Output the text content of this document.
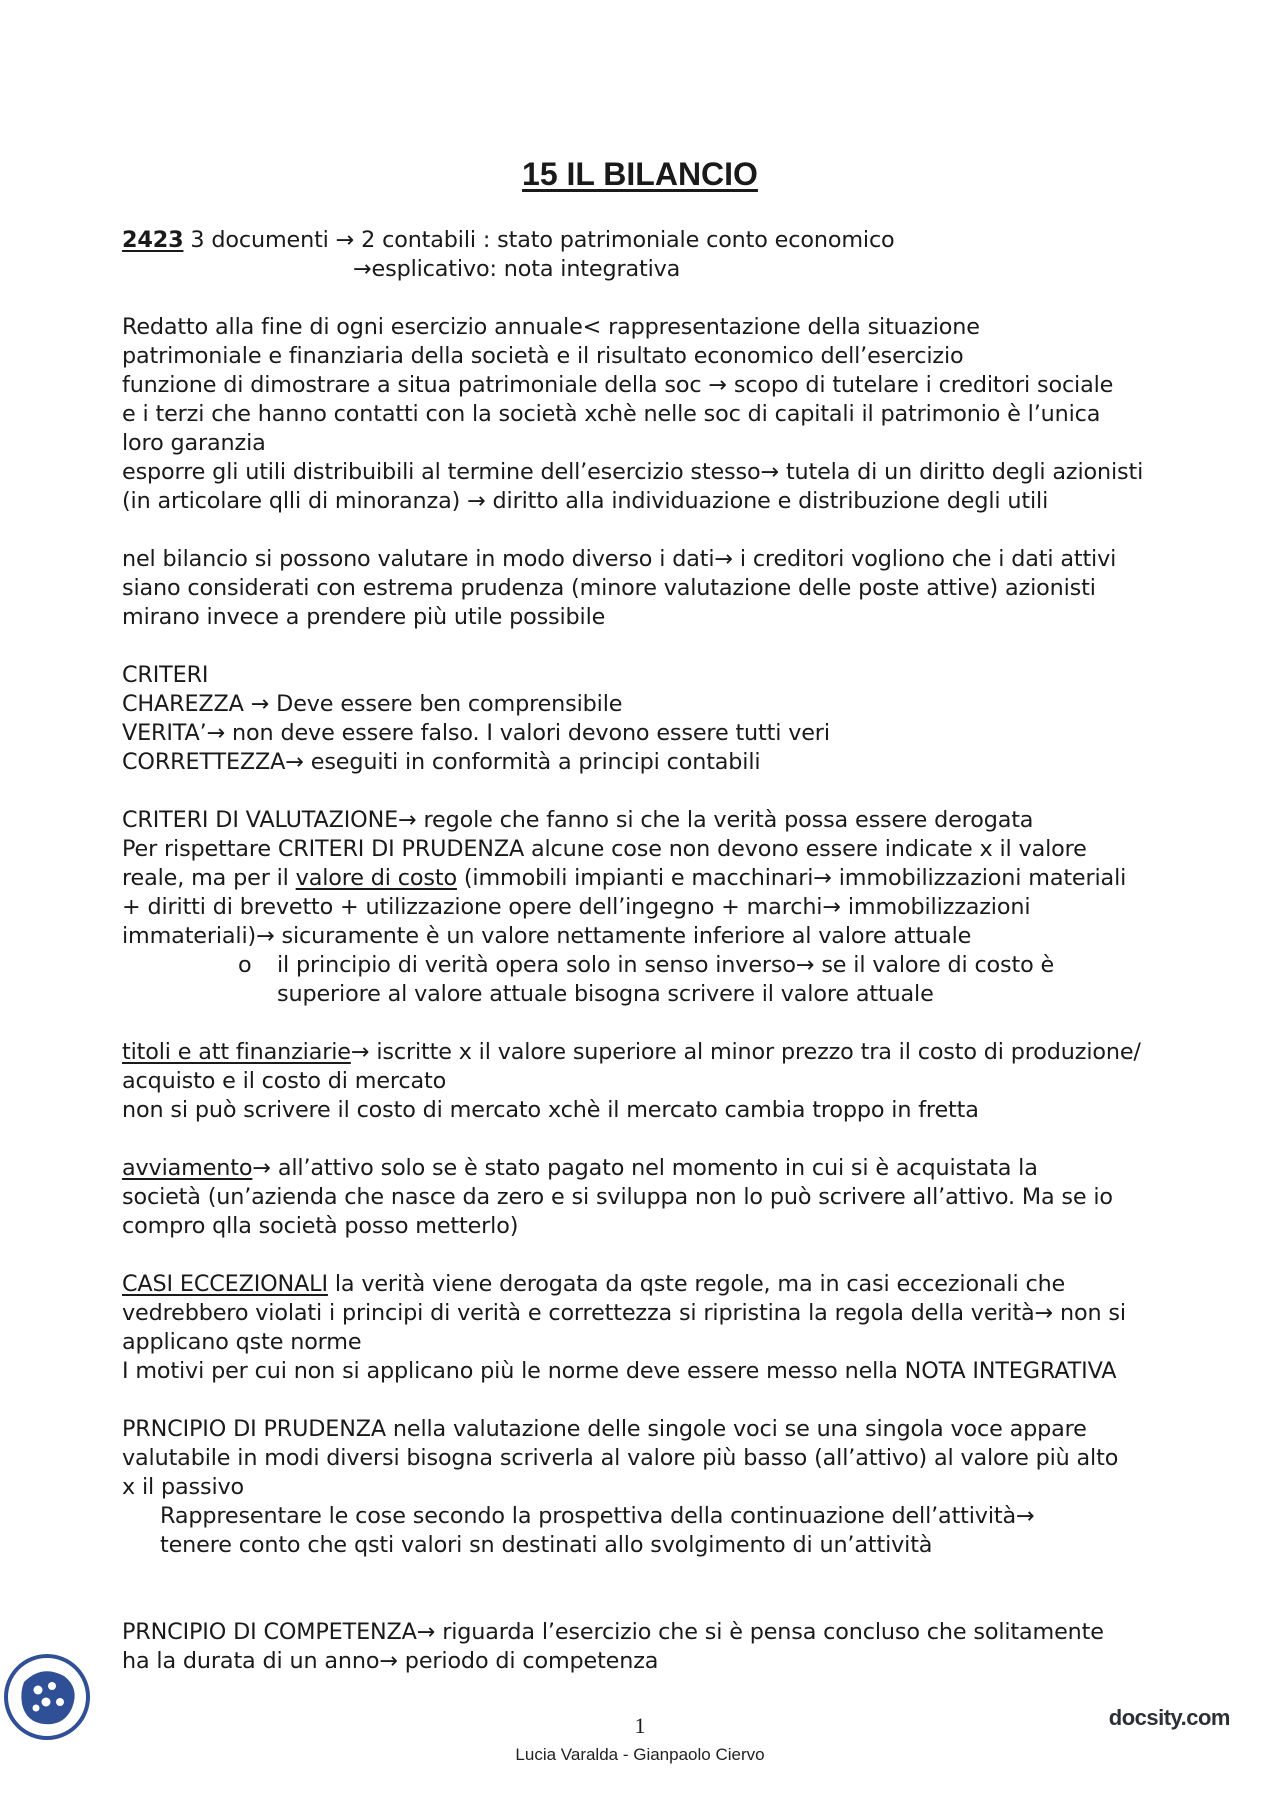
15 IL BILANCIO

2423 3 documenti → 2 contabili : stato patrimoniale conto economico

→esplicativo: nota integrativa

Redatto alla fine di ogni esercizio annuale< rappresentazione della situazione

patrimoniale e finanziaria della società e il risultato economico dell’esercizio

funzione di dimostrare a situa patrimoniale della soc → scopo di tutelare i creditori sociale

e i terzi che hanno contatti con la società xchè nelle soc di capitali il patrimonio è l’unica

loro garanzia

esporre gli utili distribuibili al termine dell’esercizio stesso→ tutela di un diritto degli azionisti

(in articolare qlli di minoranza) → diritto alla individuazione e distribuzione degli utili

nel bilancio si possono valutare in modo diverso i dati→ i creditori vogliono che i dati attivi

siano considerati con estrema prudenza (minore valutazione delle poste attive) azionisti

mirano invece a prendere più utile possibile

CRITERI

CHAREZZA → Deve essere ben comprensibile

VERITA’→ non deve essere falso. I valori devono essere tutti veri

CORRETTEZZA→ eseguiti in conformità a principi contabili

CRITERI DI VALUTAZIONE→ regole che fanno si che la verità possa essere derogata

Per rispettare CRITERI DI PRUDENZA alcune cose non devono essere indicate x il valore

reale, ma per il valore di costo (immobili impianti e macchinari→ immobilizzazioni materiali

+ diritti di brevetto + utilizzazione opere dell’ingegno + marchi→ immobilizzazioni

immateriali)→ sicuramente è un valore nettamente inferiore al valore attuale

o il principio di verità opera solo in senso inverso→ se il valore di costo è

superiore al valore attuale bisogna scrivere il valore attuale

titoli e att finanziarie→ iscritte x il valore superiore al minor prezzo tra il costo di produzione/

acquisto e il costo di mercato

non si può scrivere il costo di mercato xchè il mercato cambia troppo in fretta

avviamento→ all’attivo solo se è stato pagato nel momento in cui si è acquistata la

società (un’azienda che nasce da zero e si sviluppa non lo può scrivere all’attivo. Ma se io

compro qlla società posso metterlo)

CASI ECCEZIONALI la verità viene derogata da qste regole, ma in casi eccezionali che

vedrebbero violati i principi di verità e correttezza si ripristina la regola della verità→ non si

applicano qste norme

I motivi per cui non si applicano più le norme deve essere messo nella NOTA INTEGRATIVA

PRNCIPIO DI PRUDENZA nella valutazione delle singole voci se una singola voce appare

valutabile in modi diversi bisogna scriverla al valore più basso (all’attivo) al valore più alto

x il passivo

Rappresentare le cose secondo la prospettiva della continuazione dell’attività→

tenere conto che qsti valori sn destinati allo svolgimento di un’attività

PRNCIPIO DI COMPETENZA→ riguarda l’esercizio che si è pensa concluso che solitamente

ha la durata di un anno→ periodo di competenza

1
Lucia Varalda - Gianpaolo Ciervo
docsity.com
